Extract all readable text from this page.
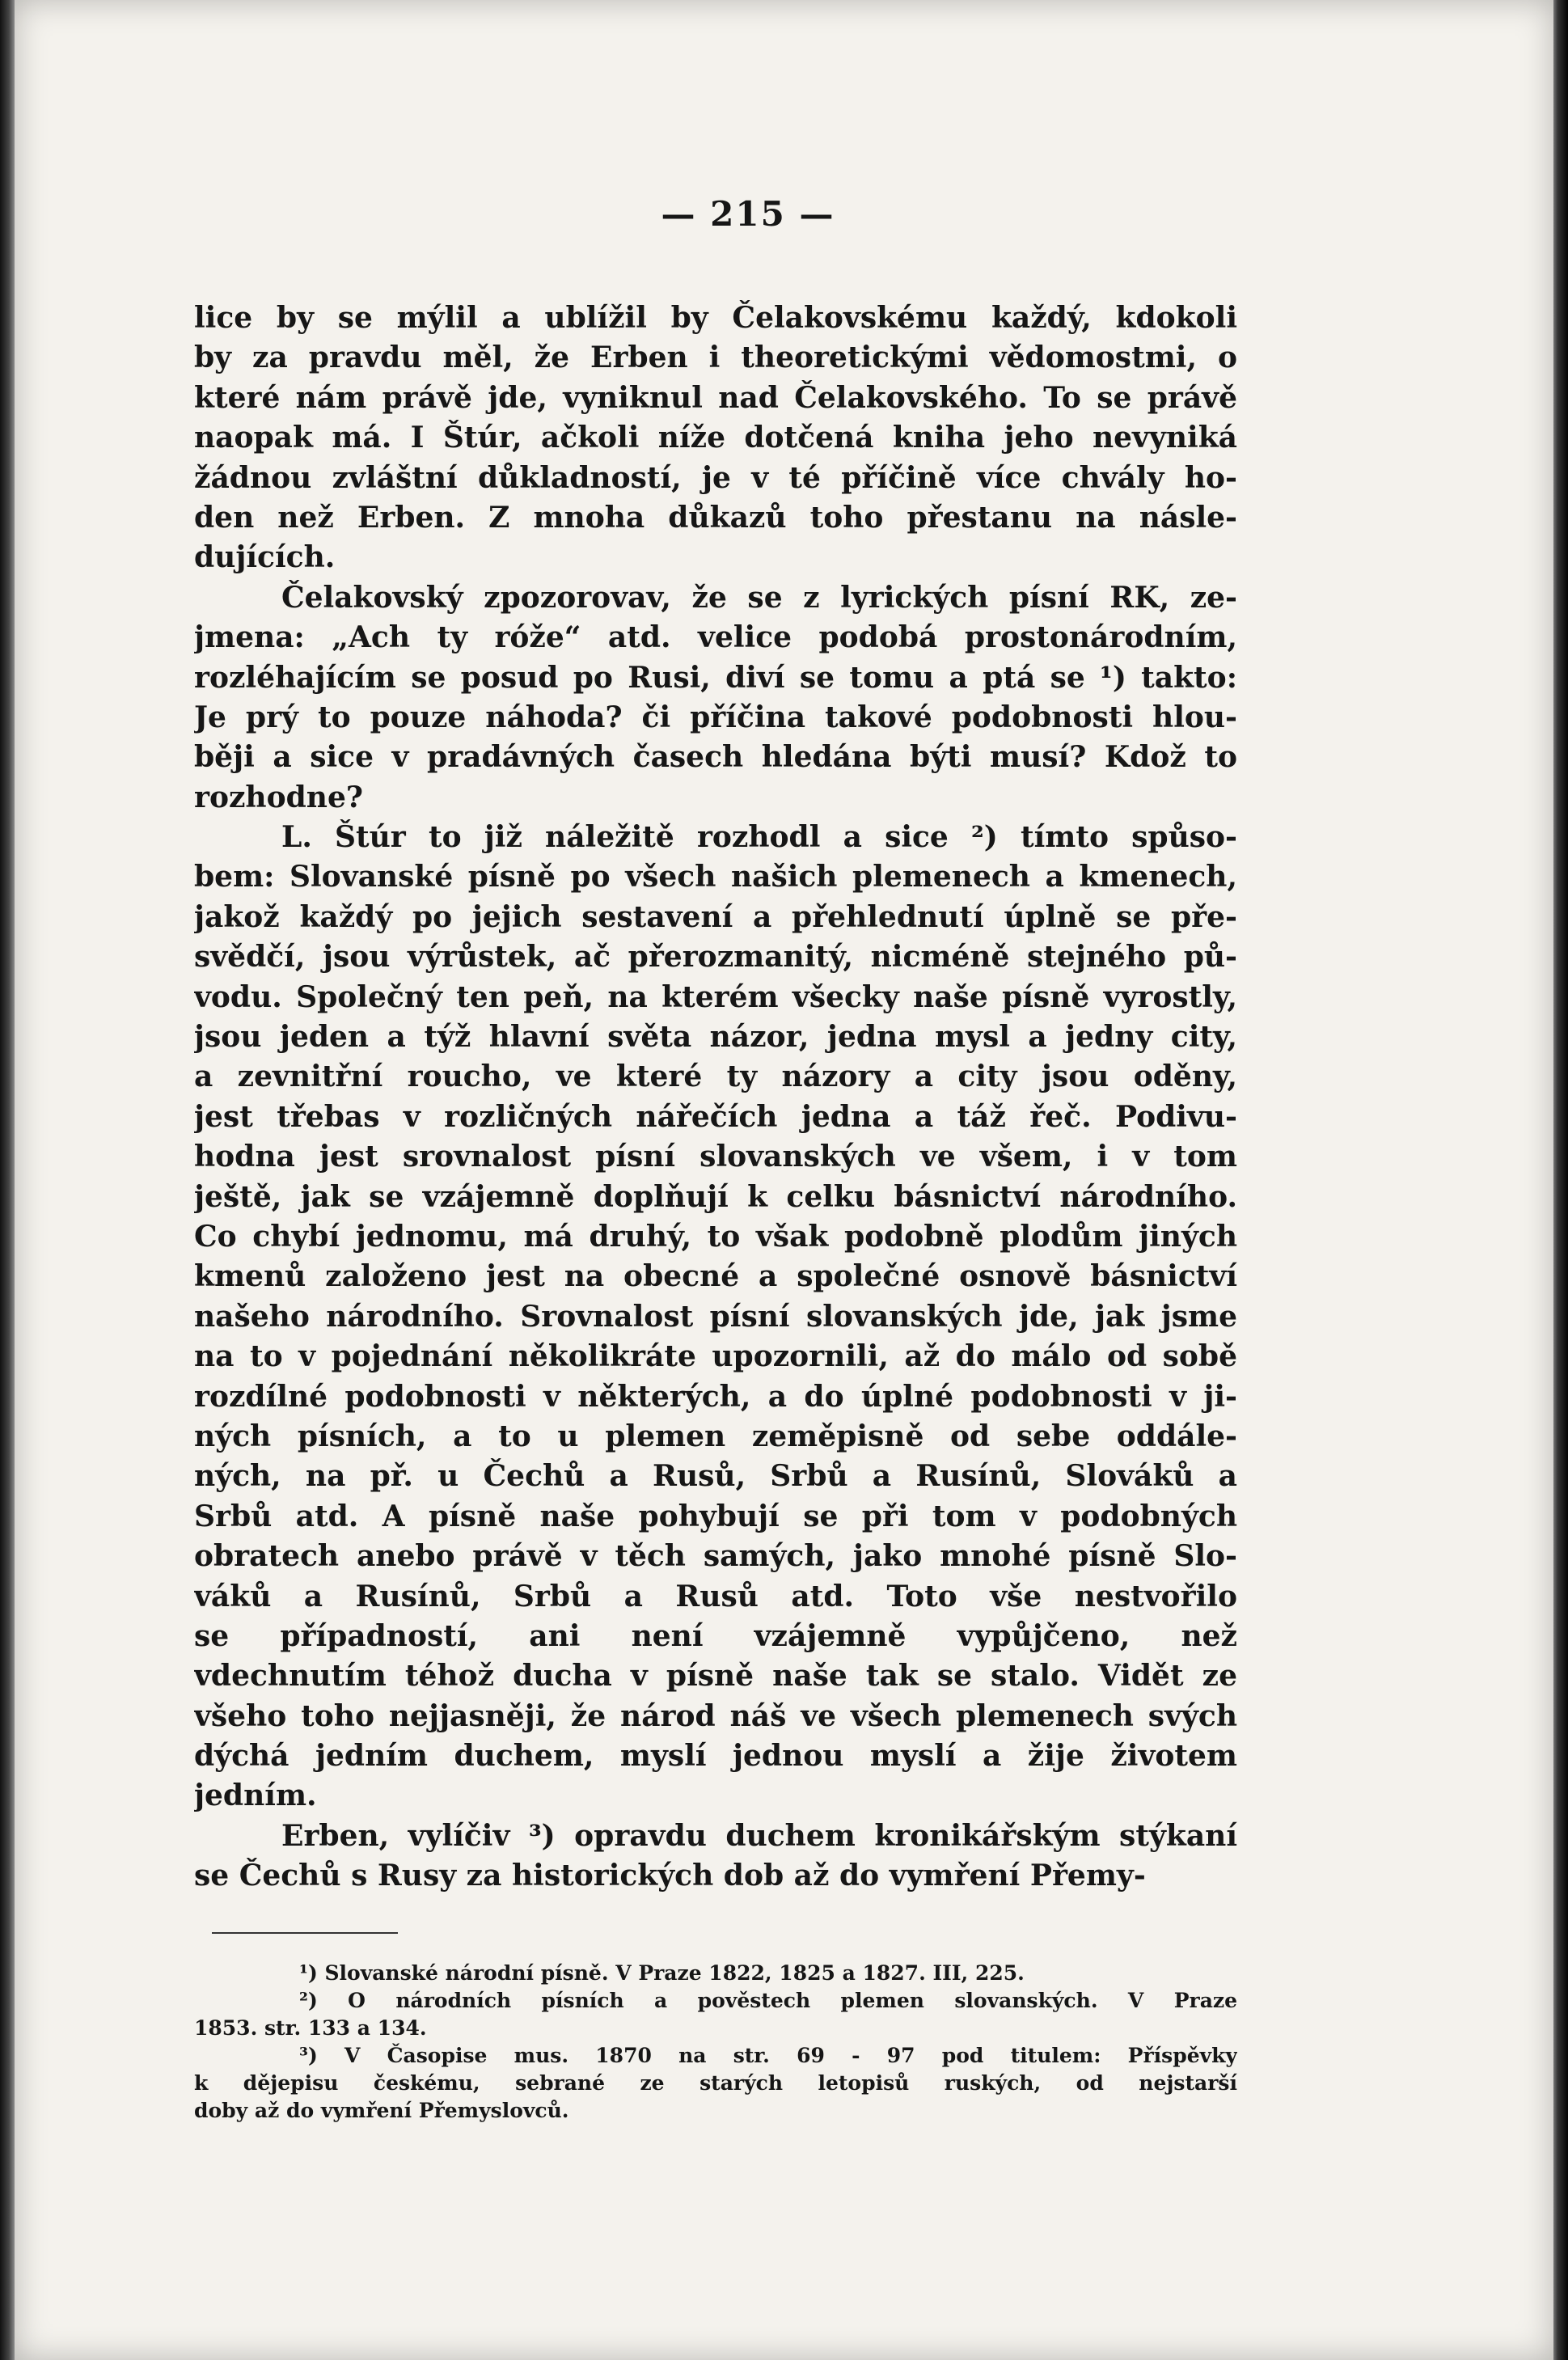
— 215 —

lice by se mýlil a ublížil by Čelakovskému každý, kdokoli
by za pravdu měl, že Erben i theoretickými vědomostmi, o
které nám právě jde, vyniknul nad Čelakovského. To se právě
naopak má. I Štúr, ačkoli níže dotčená kniha jeho nevyniká
žádnou zvláštní důkladností, je v té příčině více chvály ho-
den než Erben. Z mnoha důkazů toho přestanu na násle-
dujících.

Čelakovský zpozorovav, že se z lyrických písní RK, ze-
jmena: „Ach ty róže“ atd. velice podobá prostonárodním,
rozléhajícím se posud po Rusi, diví se tomu a ptá se ¹) takto:
Je prý to pouze náhoda? či příčina takové podobnosti hlou-
běji a sice v pradávných časech hledána býti musí? Kdož to
rozhodne?

L. Štúr to již náležitě rozhodl a sice ²) tímto spůso-
bem: Slovanské písně po všech našich plemenech a kmenech,
jakož každý po jejich sestavení a přehlednutí úplně se pře-
svědčí, jsou výrůstek, ač přerozmanitý, nicméně stejného pů-
vodu. Společný ten peň, na kterém všecky naše písně vyrostly,
jsou jeden a týž hlavní světa názor, jedna mysl a jedny city,
a zevnitřní roucho, ve které ty názory a city jsou oděny,
jest třebas v rozličných nářečích jedna a táž řeč. Podivu-
hodna jest srovnalost písní slovanských ve všem, i v tom
ještě, jak se vzájemně doplňují k celku básnictví národního.
Co chybí jednomu, má druhý, to však podobně plodům jiných
kmenů založeno jest na obecné a společné osnově básnictví
našeho národního. Srovnalost písní slovanských jde, jak jsme
na to v pojednání několikráte upozornili, až do málo od sobě
rozdílné podobnosti v některých, a do úplné podobnosti v ji-
ných písních, a to u plemen zeměpisně od sebe oddále-
ných, na př. u Čechů a Rusů, Srbů a Rusínů, Slováků a
Srbů atd. A písně naše pohybují se při tom v podobných
obratech anebo právě v těch samých, jako mnohé písně Slo-
váků a Rusínů, Srbů a Rusů atd. Toto vše nestvořilo
se případností, ani není vzájemně vypůjčeno, než
vdechnutím téhož ducha v písně naše tak se stalo. Vidět ze
všeho toho nejjasněji, že národ náš ve všech plemenech svých
dýchá jedním duchem, myslí jednou myslí a žije životem
jedním.

Erben, vylíčiv ³) opravdu duchem kronikářským stýkaní
se Čechů s Rusy za historických dob až do vymření Přemy-

¹) Slovanské národní písně. V Praze 1822, 1825 a 1827. III, 225.

²) O národních písních a pověstech plemen slovanských. V Praze
1853. str. 133 a 134.

³) V Časopise mus. 1870 na str. 69 - 97 pod titulem: Příspěvky
k dějepisu českému, sebrané ze starých letopisů ruských, od nejstarší
doby až do vymření Přemyslovců.
